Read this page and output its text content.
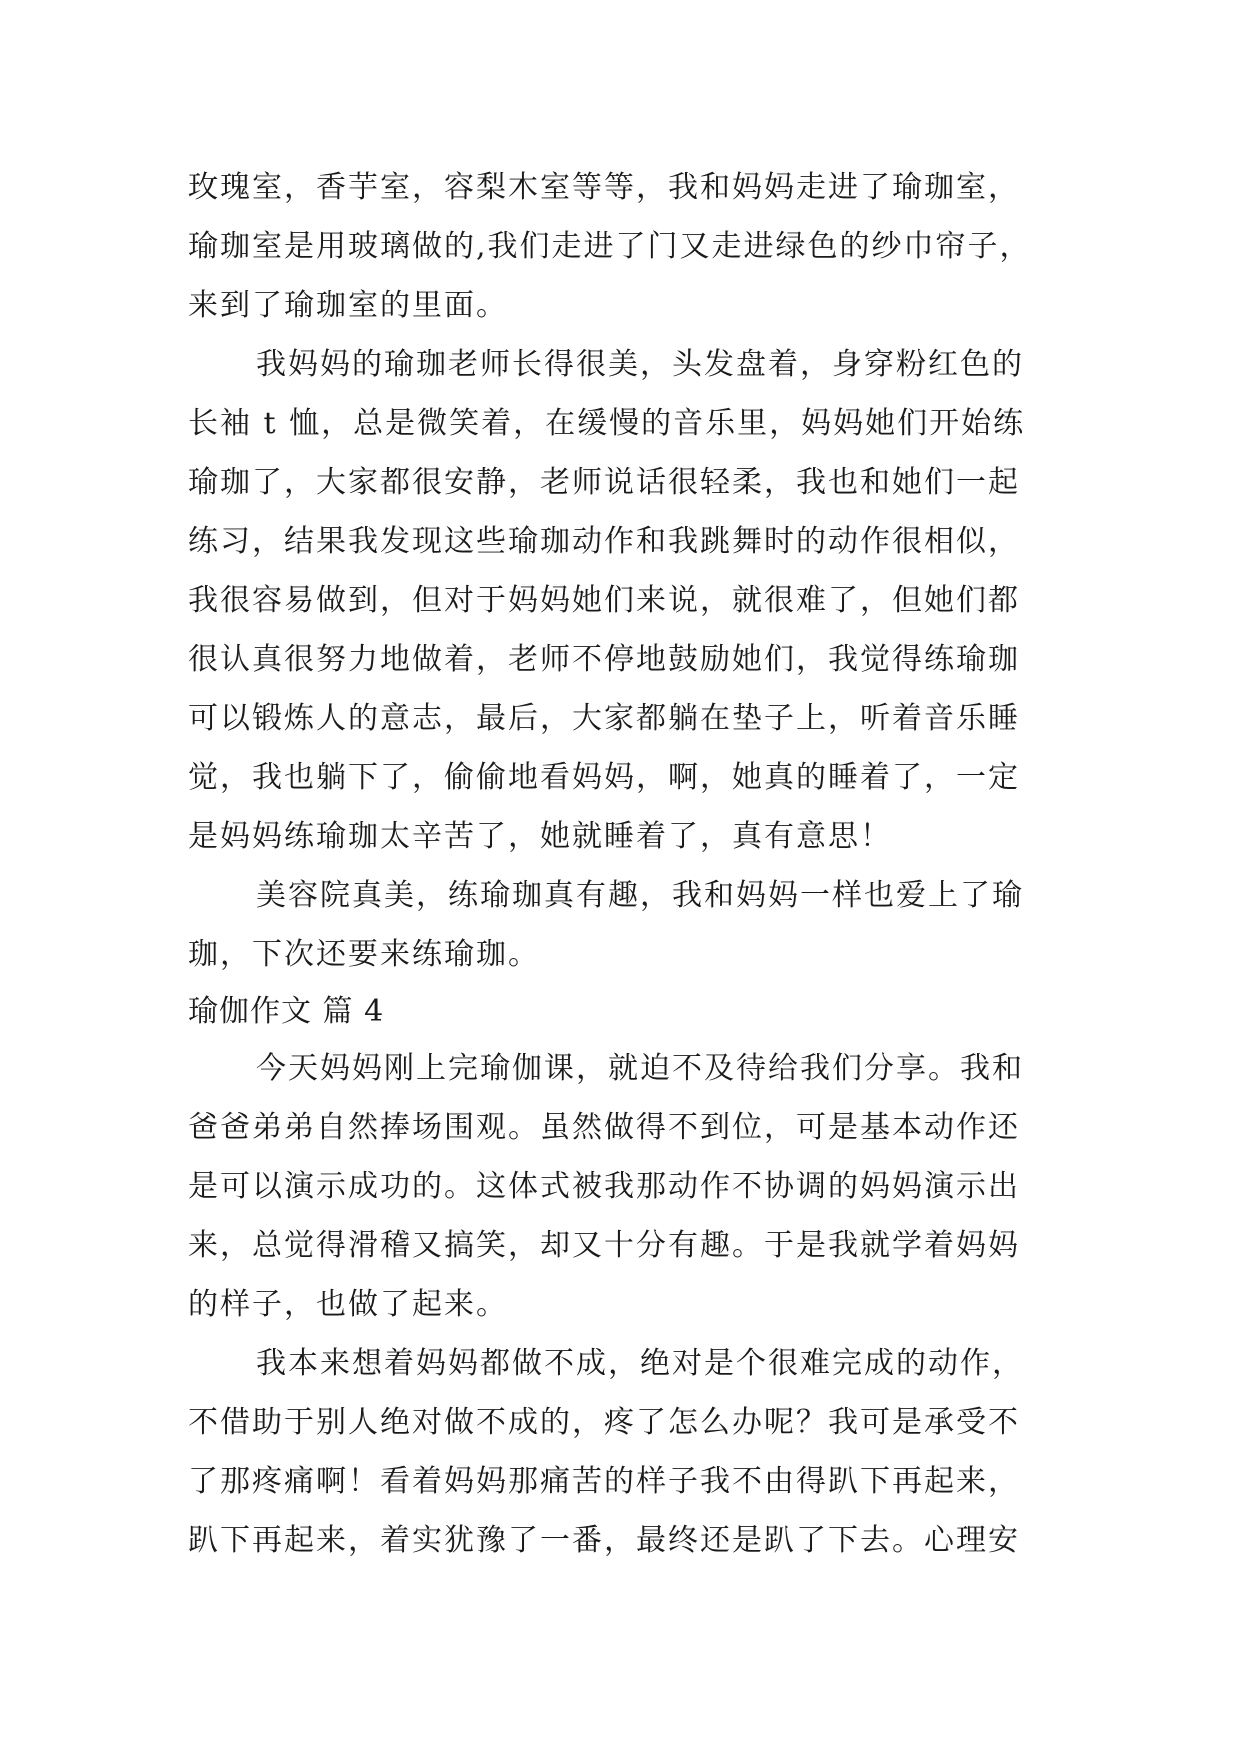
玫瑰室，香芋室，容梨木室等等，我和妈妈走进了瑜珈室，
瑜珈室是用玻璃做的,我们走进了门又走进绿色的纱巾帘子，
来到了瑜珈室的里面。
我妈妈的瑜珈老师长得很美，头发盘着，身穿粉红色的
长袖 t 恤，总是微笑着，在缓慢的音乐里，妈妈她们开始练
瑜珈了，大家都很安静，老师说话很轻柔，我也和她们一起
练习，结果我发现这些瑜珈动作和我跳舞时的动作很相似，
我很容易做到，但对于妈妈她们来说，就很难了，但她们都
很认真很努力地做着，老师不停地鼓励她们，我觉得练瑜珈
可以锻炼人的意志，最后，大家都躺在垫子上，听着音乐睡
觉，我也躺下了，偷偷地看妈妈，啊，她真的睡着了，一定
是妈妈练瑜珈太辛苦了，她就睡着了，真有意思！
美容院真美，练瑜珈真有趣，我和妈妈一样也爱上了瑜
珈，下次还要来练瑜珈。
瑜伽作文 篇 4
今天妈妈刚上完瑜伽课，就迫不及待给我们分享。我和
爸爸弟弟自然捧场围观。虽然做得不到位，可是基本动作还
是可以演示成功的。这体式被我那动作不协调的妈妈演示出
来，总觉得滑稽又搞笑，却又十分有趣。于是我就学着妈妈
的样子，也做了起来。
我本来想着妈妈都做不成，绝对是个很难完成的动作，
不借助于别人绝对做不成的，疼了怎么办呢？我可是承受不
了那疼痛啊！看着妈妈那痛苦的样子我不由得趴下再起来，
趴下再起来，着实犹豫了一番，最终还是趴了下去。心理安
